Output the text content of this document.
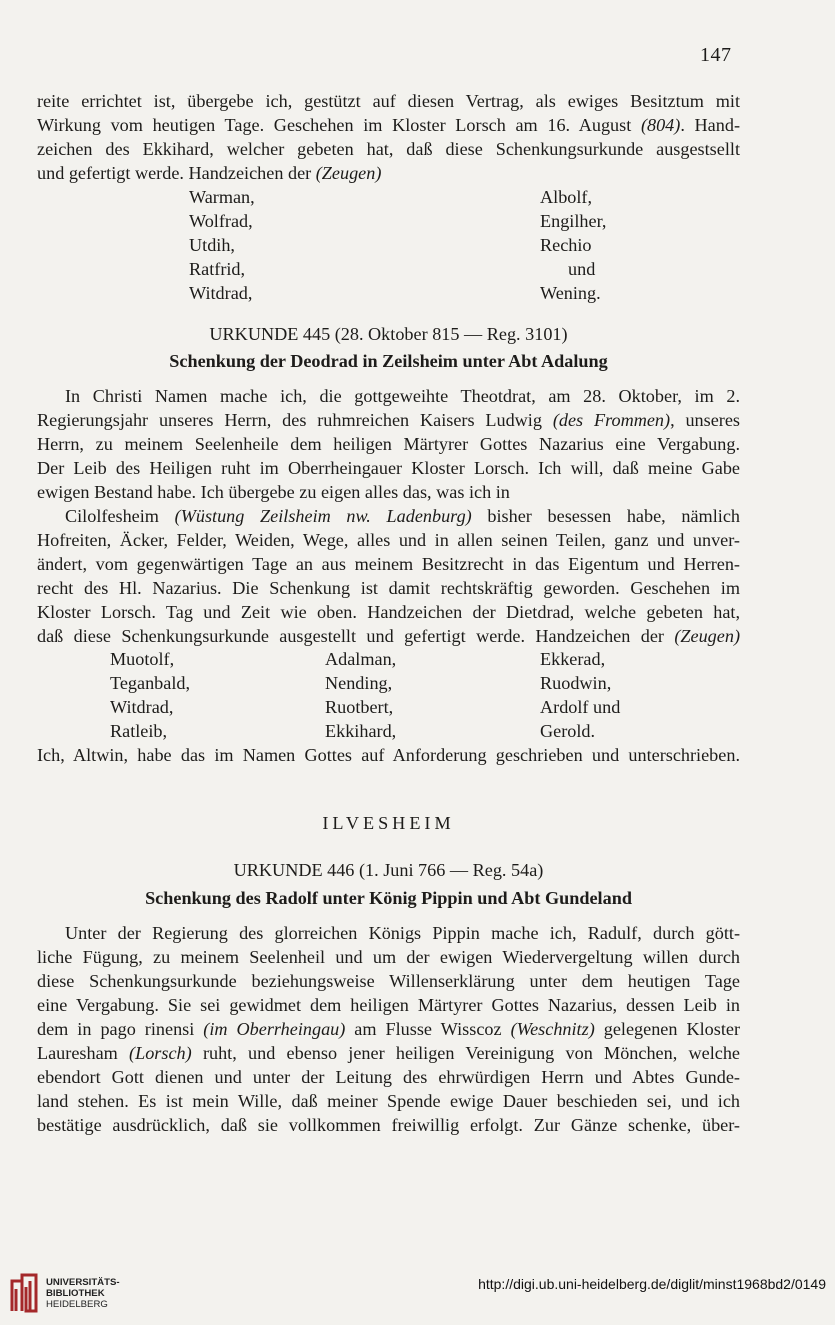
147
reite errichtet ist, übergebe ich, gestützt auf diesen Vertrag, als ewiges Besitztum mit
Wirkung vom heutigen Tage. Geschehen im Kloster Lorsch am 16. August (804). Hand-
zeichen des Ekkihard, welcher gebeten hat, daß diese Schenkungsurkunde ausgestsellt
und gefertigt werde. Handzeichen der (Zeugen)
Warman,
Wolfrad,
Utdih,
Ratfrid,
Witdrad,
Albolf,
Engilher,
Rechio
und
Wening.
URKUNDE 445 (28. Oktober 815 — Reg. 3101)
Schenkung der Deodrad in Zeilsheim unter Abt Adalung
In Christi Namen mache ich, die gottgeweihte Theotdrat, am 28. Oktober, im 2.
Regierungsjahr unseres Herrn, des ruhmreichen Kaisers Ludwig (des Frommen), unseres
Herrn, zu meinem Seelenheile dem heiligen Märtyrer Gottes Nazarius eine Vergabung.
Der Leib des Heiligen ruht im Oberrheingauer Kloster Lorsch. Ich will, daß meine Gabe
ewigen Bestand habe. Ich übergebe zu eigen alles das, was ich in
Cilolfesheim (Wüstung Zeilsheim nw. Ladenburg) bisher besessen habe, nämlich
Hofreiten, Äcker, Felder, Weiden, Wege, alles und in allen seinen Teilen, ganz und unver-
ändert, vom gegenwärtigen Tage an aus meinem Besitzrecht in das Eigentum und Herren-
recht des Hl. Nazarius. Die Schenkung ist damit rechtskräftig geworden. Geschehen im
Kloster Lorsch. Tag und Zeit wie oben. Handzeichen der Dietdrad, welche gebeten hat,
daß diese Schenkungsurkunde ausgestellt und gefertigt werde. Handzeichen der (Zeugen)
Muotolf,
Teganbald,
Witdrad,
Ratleib,
Adalman,
Nending,
Ruotbert,
Ekkihard,
Ekkerad,
Ruodwin,
Ardolf und
Gerold.
Ich, Altwin, habe das im Namen Gottes auf Anforderung geschrieben und unterschrieben.
ILVESHEIM
URKUNDE 446 (1. Juni 766 — Reg. 54a)
Schenkung des Radolf unter König Pippin und Abt Gundeland
Unter der Regierung des glorreichen Königs Pippin mache ich, Radulf, durch gött-
liche Fügung, zu meinem Seelenheil und um der ewigen Wiedervergeltung willen durch
diese Schenkungsurkunde beziehungsweise Willenserklärung unter dem heutigen Tage
eine Vergabung. Sie sei gewidmet dem heiligen Märtyrer Gottes Nazarius, dessen Leib in
dem in pago rinensi (im Oberrheingau) am Flusse Wisscoz (Weschnitz) gelegenen Kloster
Lauresham (Lorsch) ruht, und ebenso jener heiligen Vereinigung von Mönchen, welche
ebendort Gott dienen und unter der Leitung des ehrwürdigen Herrn und Abtes Gunde-
land stehen. Es ist mein Wille, daß meiner Spende ewige Dauer beschieden sei, und ich
bestätige ausdrücklich, daß sie vollkommen freiwillig erfolgt. Zur Gänze schenke, über-
UNIVERSITÄTS-
BIBLIOTHEK
HEIDELBERG
http://digi.ub.uni-heidelberg.de/diglit/minst1968bd2/0149
